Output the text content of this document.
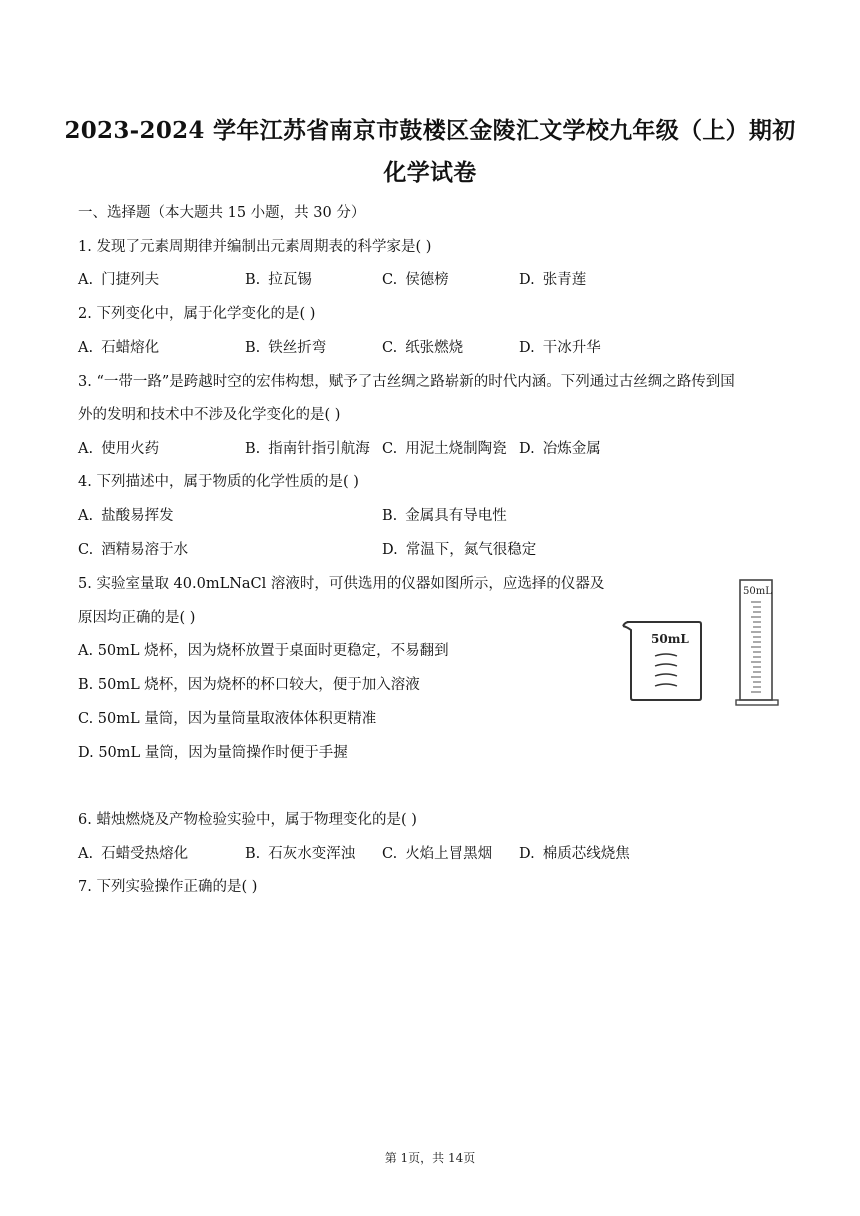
2023-2024 学年江苏省南京市鼓楼区金陵汇文学校九年级（上）期初
化学试卷
一、选择题（本大题共 15 小题，共 30 分）
1. 发现了元素周期律并编制出元素周期表的科学家是( )
A. 门捷列夫	B. 拉瓦锡	C. 侯德榜	D. 张青莲
2. 下列变化中，属于化学变化的是( )
A. 石蜡熔化	B. 铁丝折弯	C. 纸张燃烧	D. 干冰升华
3. “一带一路”是跨越时空的宏伟构想，赋予了古丝绸之路崭新的时代内涵。下列通过古丝绸之路传到国
外的发明和技术中不涉及化学变化的是( )
A. 使用火药	B. 指南针指引航海 C. 用泥土烧制陶瓷 D. 冶炼金属
4. 下列描述中，属于物质的化学性质的是( )
A. 盐酸易挥发	B. 金属具有导电性
C. 酒精易溶于水	D. 常温下，氮气很稳定
5. 实验室量取 40.0mLNaCl 溶液时，可供选用的仪器如图所示，应选择的仪器及
原因均正确的是( )
A. 50mL 烧杯，因为烧杯放置于桌面时更稳定，不易翻到
B. 50mL 烧杯，因为烧杯的杯口较大，便于加入溶液
C. 50mL 量筒，因为量筒量取液体体积更精准
D. 50mL 量筒，因为量筒操作时便于手握
50mL
50mL
6. 蜡烛燃烧及产物检验实验中，属于物理变化的是( )
A. 石蜡受热熔化	B. 石灰水变浑浊 C. 火焰上冒黑烟 D. 棉质芯线烧焦
7. 下列实验操作正确的是( )
第 1页，共 14页
